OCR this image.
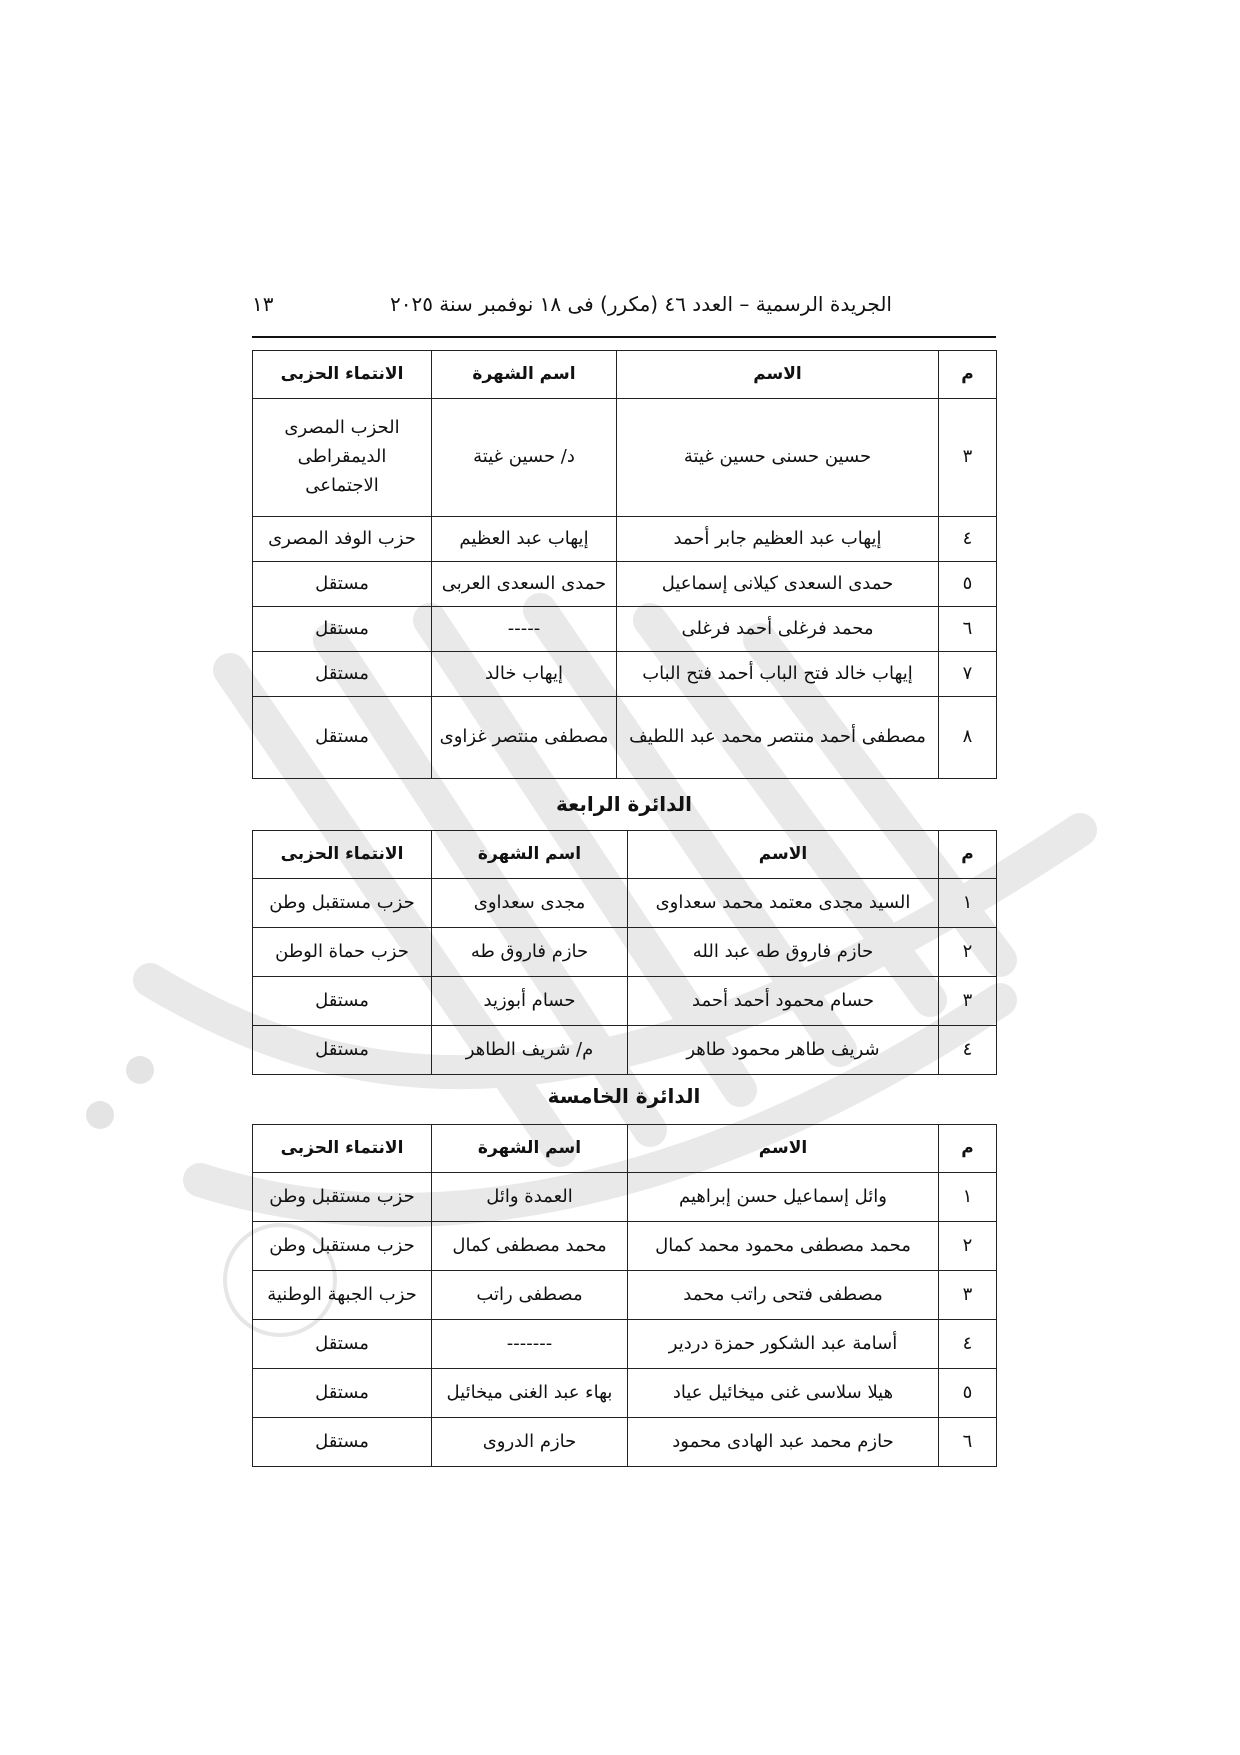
الجريدة الرسمية – العدد ٤٦ (مكرر) فى ١٨ نوفمبر سنة ٢٠٢٥
١٣
م	الاسم	اسم الشهرة	الانتماء الحزبى
٣	حسين حسنى حسين غيتة	د/ حسين غيتة	الحزب المصرى الديمقراطى الاجتماعى
٤	إيهاب عبد العظيم جابر أحمد	إيهاب عبد العظيم	حزب الوفد المصرى
٥	حمدى السعدى كيلانى إسماعيل	حمدى السعدى العربى	مستقل
٦	محمد فرغلى أحمد فرغلى	-----	مستقل
٧	إيهاب خالد فتح الباب أحمد فتح الباب	إيهاب خالد	مستقل
٨	مصطفى أحمد منتصر محمد عبد اللطيف	مصطفى منتصر غزاوى	مستقل
الدائرة الرابعة
م	الاسم	اسم الشهرة	الانتماء الحزبى
١	السيد مجدى معتمد محمد سعداوى	مجدى سعداوى	حزب مستقبل وطن
٢	حازم فاروق طه عبد الله	حازم فاروق طه	حزب حماة الوطن
٣	حسام محمود أحمد أحمد	حسام أبوزيد	مستقل
٤	شريف طاهر محمود طاهر	م/ شريف الطاهر	مستقل
الدائرة الخامسة
م	الاسم	اسم الشهرة	الانتماء الحزبى
١	وائل إسماعيل حسن إبراهيم	العمدة وائل	حزب مستقبل وطن
٢	محمد مصطفى محمود محمد كمال	محمد مصطفى كمال	حزب مستقبل وطن
٣	مصطفى فتحى راتب محمد	مصطفى راتب	حزب الجبهة الوطنية
٤	أسامة عبد الشكور حمزة دردير	-------	مستقل
٥	هيلا سلاسى غنى ميخائيل عياد	بهاء عبد الغنى ميخائيل	مستقل
٦	حازم محمد عبد الهادى محمود	حازم الدروى	مستقل
